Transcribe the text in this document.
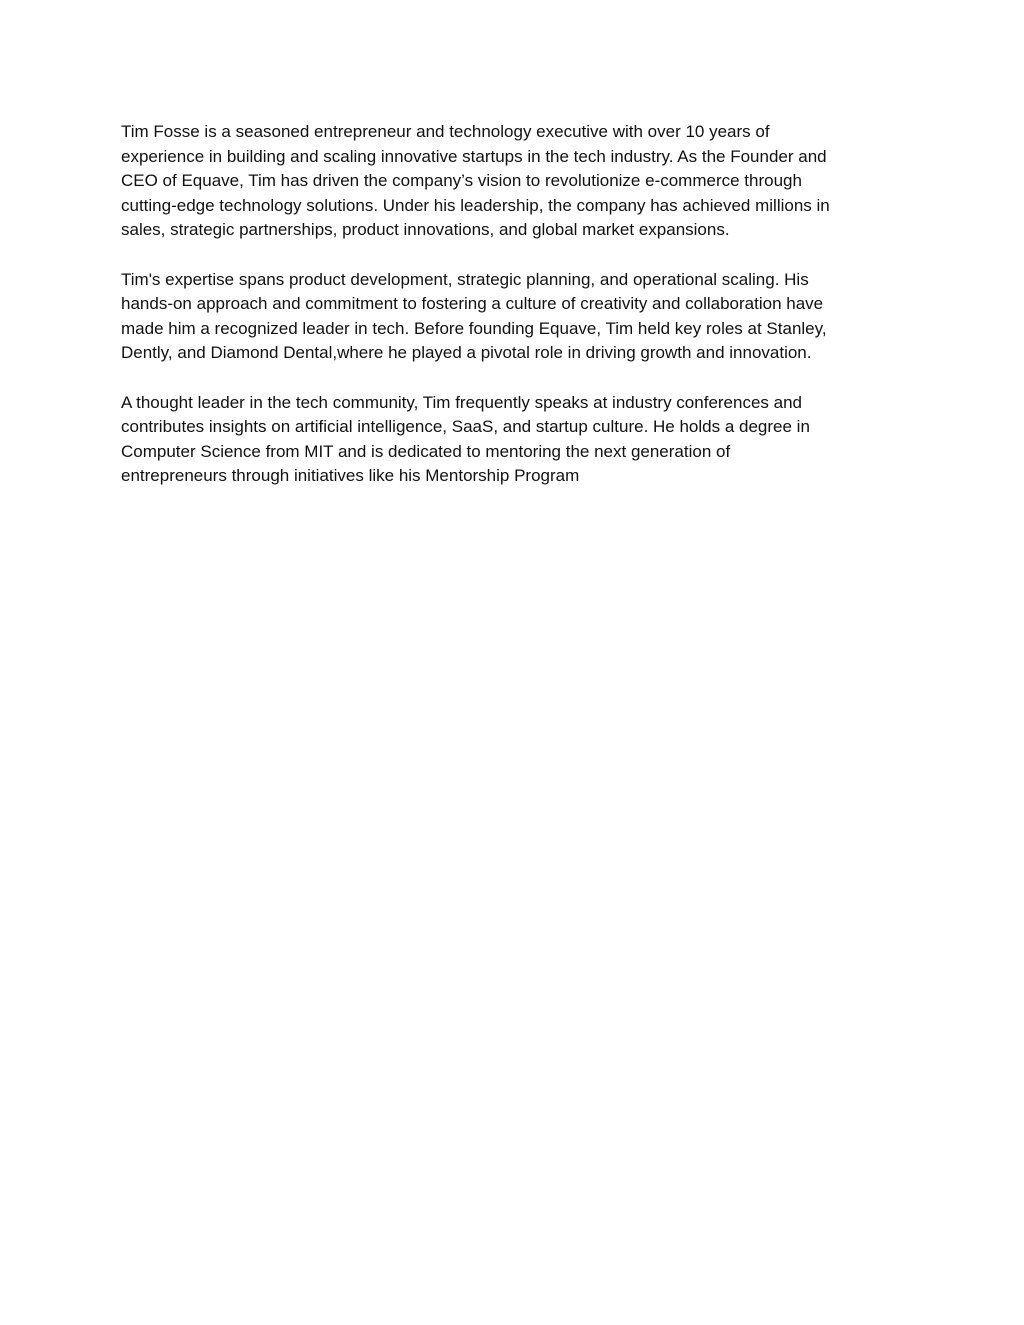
Tim Fosse is a seasoned entrepreneur and technology executive with over 10 years of
experience in building and scaling innovative startups in the tech industry. As the Founder and
CEO of Equave, Tim has driven the company’s vision to revolutionize e-commerce through
cutting-edge technology solutions. Under his leadership, the company has achieved millions in
sales, strategic partnerships, product innovations, and global market expansions.

Tim's expertise spans product development, strategic planning, and operational scaling. His
hands-on approach and commitment to fostering a culture of creativity and collaboration have
made him a recognized leader in tech. Before founding Equave, Tim held key roles at Stanley,
Dently, and Diamond Dental,where he played a pivotal role in driving growth and innovation.

A thought leader in the tech community, Tim frequently speaks at industry conferences and
contributes insights on artificial intelligence, SaaS, and startup culture. He holds a degree in
Computer Science from MIT and is dedicated to mentoring the next generation of
entrepreneurs through initiatives like his Mentorship Program
